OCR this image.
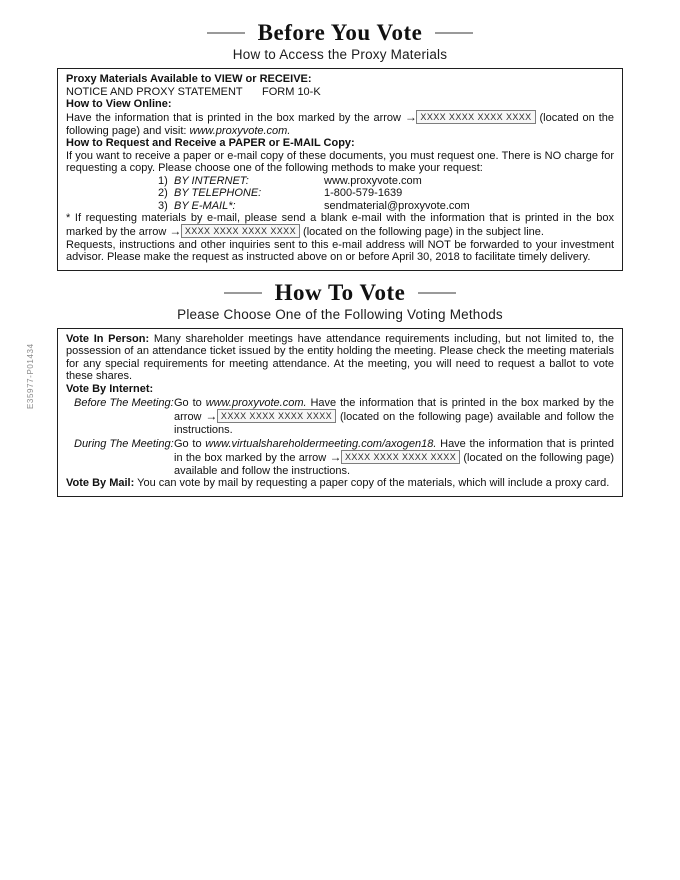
E35977-P01434
Before You Vote
How to Access the Proxy Materials

Proxy Materials Available to VIEW or RECEIVE:

NOTICE AND PROXY STATEMENT FORM 10-K

How to View Online:

Have the information that is printed in the box marked by the arrow → XXXX XXXX XXXX XXXX (located on the following page) and visit: www.proxyvote.com.

How to Request and Receive a PAPER or E-MAIL Copy:

If you want to receive a paper or e-mail copy of these documents, you must request one. There is NO charge for requesting a copy. Please choose one of the following methods to make your request:

1) BY INTERNET:	www.proxyvote.com
2) BY TELEPHONE:	1-800-579-1639
3) BY E-MAIL*:	sendmaterial@proxyvote.com

* If requesting materials by e-mail, please send a blank e-mail with the information that is printed in the box marked by the arrow → XXXX XXXX XXXX XXXX (located on the following page) in the subject line.

Requests, instructions and other inquiries sent to this e-mail address will NOT be forwarded to your investment advisor. Please make the request as instructed above on or before April 30, 2018 to facilitate timely delivery.

How To Vote
Please Choose One of the Following Voting Methods

Vote In Person: Many shareholder meetings have attendance requirements including, but not limited to, the possession of an attendance ticket issued by the entity holding the meeting. Please check the meeting materials for any special requirements for meeting attendance. At the meeting, you will need to request a ballot to vote these shares.

Vote By Internet:

Before The Meeting: Go to www.proxyvote.com. Have the information that is printed in the box marked by the arrow → XXXX XXXX XXXX XXXX (located on the following page) available and follow the instructions.
During The Meeting: Go to www.virtualshareholdermeeting.com/axogen18. Have the information that is printed in the box marked by the arrow → XXXX XXXX XXXX XXXX (located on the following page) available and follow the instructions.

Vote By Mail: You can vote by mail by requesting a paper copy of the materials, which will include a proxy card.
